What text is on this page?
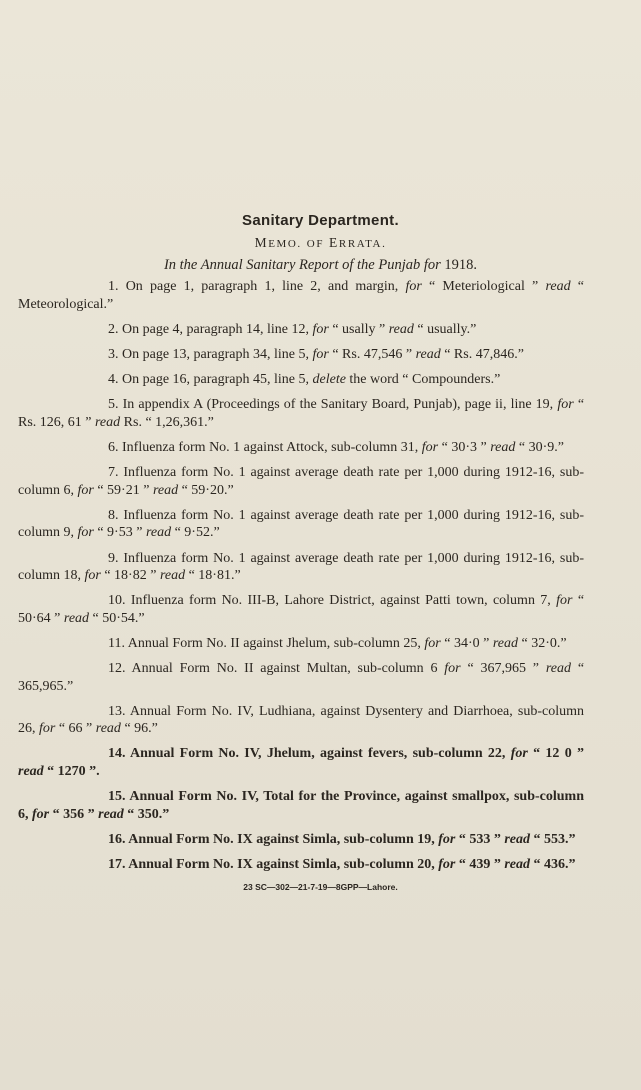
Sanitary Department.
MEMO. OF ERRATA.
In the Annual Sanitary Report of the Punjab for 1918.

1. On page 1, paragraph 1, line 2, and margin, for “ Meteriological ” read “ Meteorological.”

2. On page 4, paragraph 14, line 12, for “ usally ” read “ usually.”

3. On page 13, paragraph 34, line 5, for “ Rs. 47,546 ” read “ Rs. 47,846.”

4. On page 16, paragraph 45, line 5, delete the word “ Compounders.”

5. In appendix A (Proceedings of the Sanitary Board, Punjab), page ii, line 19, for “ Rs. 126, 61 ” read Rs. “ 1,26,361.”

6. Influenza form No. 1 against Attock, sub-column 31, for “ 30·3 ” read “ 30·9.”

7. Influenza form No. 1 against average death rate per 1,000 during 1912-16, sub-column 6, for “ 59·21 ” read “ 59·20.”

8. Influenza form No. 1 against average death rate per 1,000 during 1912-16, sub-column 9, for “ 9·53 ” read “ 9·52.”

9. Influenza form No. 1 against average death rate per 1,000 during 1912-16, sub-column 18, for “ 18·82 ” read “ 18·81.”

10. Influenza form No. III-B, Lahore District, against Patti town, column 7, for “ 50·64 ” read “ 50·54.”

11. Annual Form No. II against Jhelum, sub-column 25, for “ 34·0 ” read “ 32·0.”

12. Annual Form No. II against Multan, sub-column 6 for “ 367,965 ” read “ 365,965.”

13. Annual Form No. IV, Ludhiana, against Dysentery and Diarrhoea, sub-column 26, for “ 66 ” read “ 96.”

14. Annual Form No. IV, Jhelum, against fevers, sub-column 22, for “ 12 0 ” read “ 1270 ”.

15. Annual Form No. IV, Total for the Province, against smallpox, sub-column 6, for “ 356 ” read “ 350.”

16. Annual Form No. IX against Simla, sub-column 19, for “ 533 ” read “ 553.”

17. Annual Form No. IX against Simla, sub-column 20, for “ 439 ” read “ 436.”

23 SC—302—21-7-19—8GPP—Lahore.
